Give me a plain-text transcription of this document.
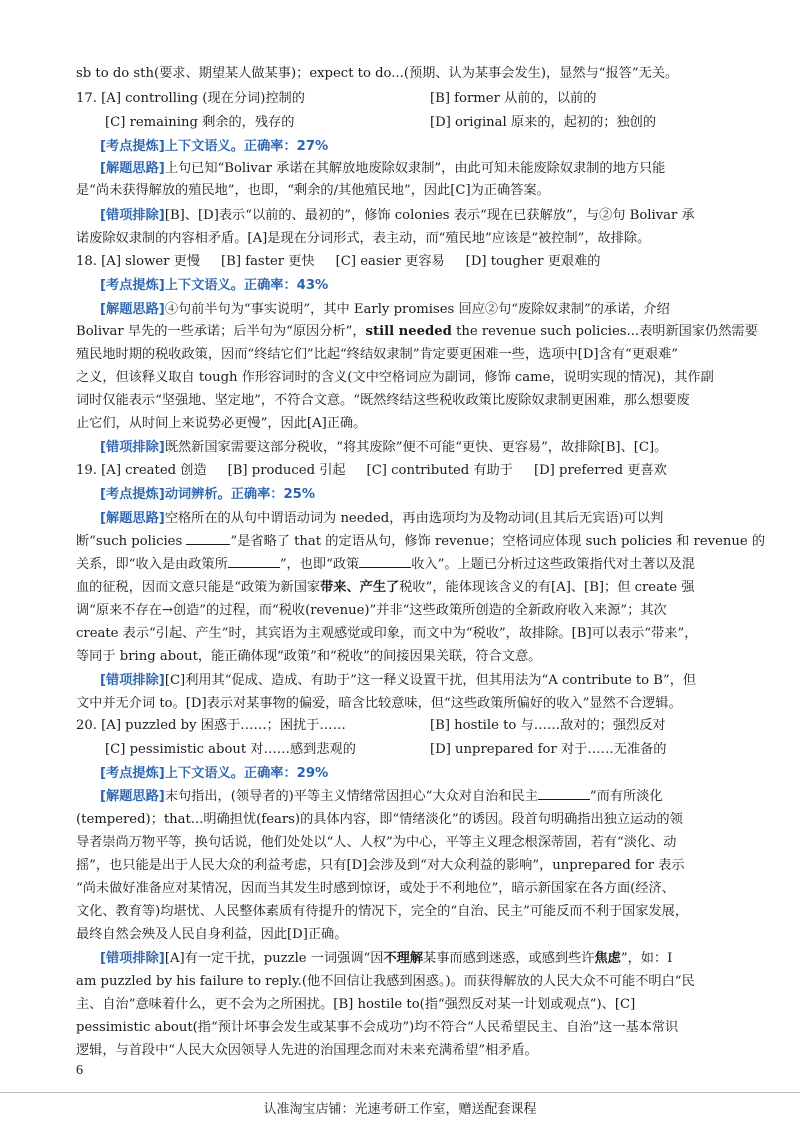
sb to do sth(要求、期望某人做某事)；expect to do...(预期、认为某事会发生)，显然与“报答”无关。
17. [A] controlling (现在分词)控制的	[B] former 从前的，以前的
[C] remaining 剩余的，残存的	[D] original 原来的，起初的；独创的
[考点提炼]上下文语义。正确率：27%
[解题思路]上句已知“Bolivar 承诺在其解放地废除奴隶制”，由此可知未能废除奴隶制的地方只能
是“尚未获得解放的殖民地”，也即，“剩余的/其他殖民地”，因此[C]为正确答案。
[错项排除][B]、[D]表示“以前的、最初的”，修饰 colonies 表示“现在已获解放”，与②句 Bolivar 承
诺废除奴隶制的内容相矛盾。[A]是现在分词形式，表主动，而“殖民地”应该是“被控制”，故排除。
18. [A] slower 更慢     [B] faster 更快     [C] easier 更容易     [D] tougher 更艰难的
[考点提炼]上下文语义。正确率：43%
[解题思路]④句前半句为“事实说明”，其中 Early promises 回应②句“废除奴隶制”的承诺，介绍
Bolivar 早先的一些承诺；后半句为“原因分析”，still needed the revenue such policies...表明新国家仍然需要
殖民地时期的税收政策，因而“终结它们”比起“终结奴隶制”肯定要更困难一些，选项中[D]含有“更艰难”
之义，但该释义取自 tough 作形容词时的含义(文中空格词应为副词，修饰 came，说明实现的情况)，其作副
词时仅能表示“坚强地、坚定地”，不符合文意。“既然终结这些税收政策比废除奴隶制更困难，那么想要废
止它们，从时间上来说势必更慢”，因此[A]正确。
[错项排除]既然新国家需要这部分税收，“将其废除”便不可能“更快、更容易”，故排除[B]、[C]。
19. [A] created 创造     [B] produced 引起     [C] contributed 有助于     [D] preferred 更喜欢
[考点提炼]动词辨析。正确率：25%
[解题思路]空格所在的从句中谓语动词为 needed，再由选项均为及物动词(且其后无宾语)可以判
断“such policies	”是省略了 that 的定语从句，修饰 revenue；空格词应体现 such policies 和 revenue 的
关系，即“收入是由政策所	”，也即“政策	收入”。上题已分析过这些政策指代对土著以及混
血的征税，因而文意只能是“政策为新国家带来、产生了税收”，能体现该含义的有[A]、[B]；但 create 强
调“原来不存在→创造”的过程，而“税收(revenue)”并非“这些政策所创造的全新政府收入来源”；其次
create 表示“引起、产生”时，其宾语为主观感觉或印象，而文中为“税收”，故排除。[B]可以表示“带来”，
等同于 bring about，能正确体现“政策”和“税收”的间接因果关联，符合文意。
[错项排除][C]利用其“促成、造成、有助于”这一释义设置干扰，但其用法为“A contribute to B”，但
文中并无介词 to。[D]表示对某事物的偏爱，暗含比较意味，但“这些政策所偏好的收入”显然不合逻辑。
20. [A] puzzled by 困惑于……；困扰于……	[B] hostile to 与……敌对的；强烈反对
[C] pessimistic about 对……感到悲观的	[D] unprepared for 对于……无准备的
[考点提炼]上下文语义。正确率：29%
[解题思路]末句指出，(领导者的)平等主义情绪常因担心“大众对自治和民主	”而有所淡化
(tempered)；that...明确担忧(fears)的具体内容，即“情绪淡化”的诱因。段首句明确指出独立运动的领
导者崇尚万物平等，换句话说，他们处处以“人、人权”为中心，平等主义理念根深蒂固，若有“淡化、动
摇”，也只能是出于人民大众的利益考虑，只有[D]会涉及到“对大众利益的影响”，unprepared for 表示
“尚未做好准备应对某情况，因而当其发生时感到惊讶，或处于不利地位”，暗示新国家在各方面(经济、
文化、教育等)均堪忧、人民整体素质有待提升的情况下，完全的“自治、民主”可能反而不利于国家发展，
最终自然会殃及人民自身利益，因此[D]正确。
[错项排除][A]有一定干扰，puzzle 一词强调“因不理解某事而感到迷惑，或感到些许焦虑”，如：I
am puzzled by his failure to reply.(他不回信让我感到困惑。)。而获得解放的人民大众不可能不明白“民
主、自治”意味着什么，更不会为之所困扰。[B] hostile to(指“强烈反对某一计划或观点”)、[C]
pessimistic about(指“预计坏事会发生或某事不会成功”)均不符合“人民希望民主、自治”这一基本常识
逻辑，与首段中“人民大众因领导人先进的治国理念而对未来充满希望”相矛盾。
6
认准淘宝店铺：光速考研工作室，赠送配套课程
